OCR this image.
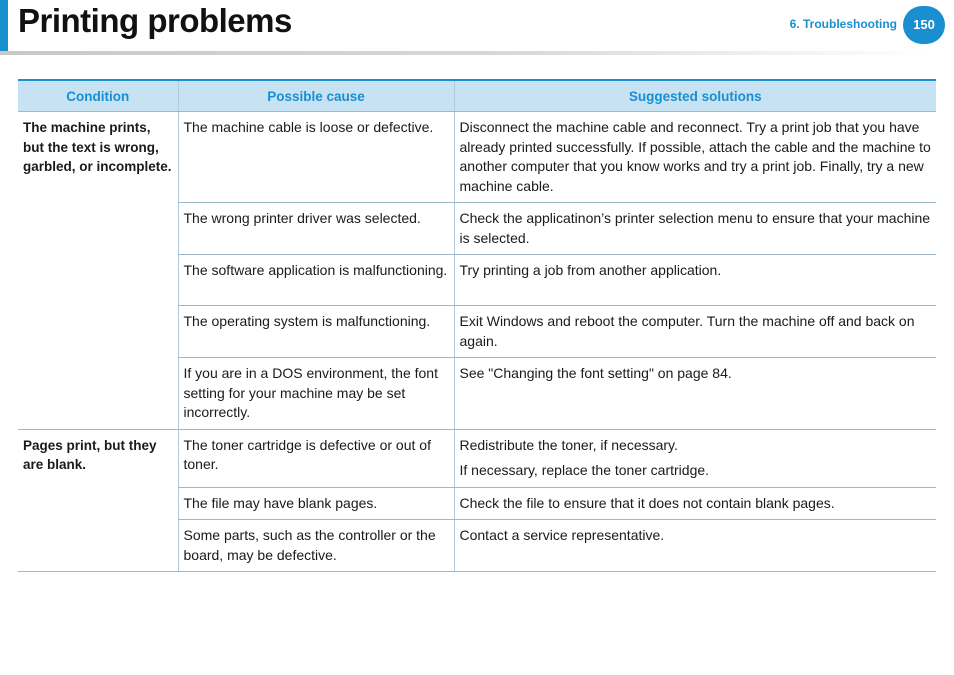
Printing problems	6. Troubleshooting	150
Condition	Possible cause	Suggested solutions
The machine prints, but the text is wrong, garbled, or incomplete.	The machine cable is loose or defective.	Disconnect the machine cable and reconnect. Try a print job that you have already printed successfully. If possible, attach the cable and the machine to another computer that you know works and try a print job. Finally, try a new machine cable.

	The wrong printer driver was selected.	Check the applicatinon’s printer selection menu to ensure that your machine is selected.

	The software application is malfunctioning.	Try printing a job from another application.

	The operating system is malfunctioning.	Exit Windows and reboot the computer. Turn the machine off and back on again.

	If you are in a DOS environment, the font setting for your machine may be set incorrectly.	See "Changing the font setting" on page 84.

Pages print, but they are blank.	The toner cartridge is defective or out of toner.	Redistribute the toner, if necessary.
If necessary, replace the toner cartridge.

	The file may have blank pages.	Check the file to ensure that it does not contain blank pages.

	Some parts, such as the controller or the board, may be defective.	Contact a service representative.
